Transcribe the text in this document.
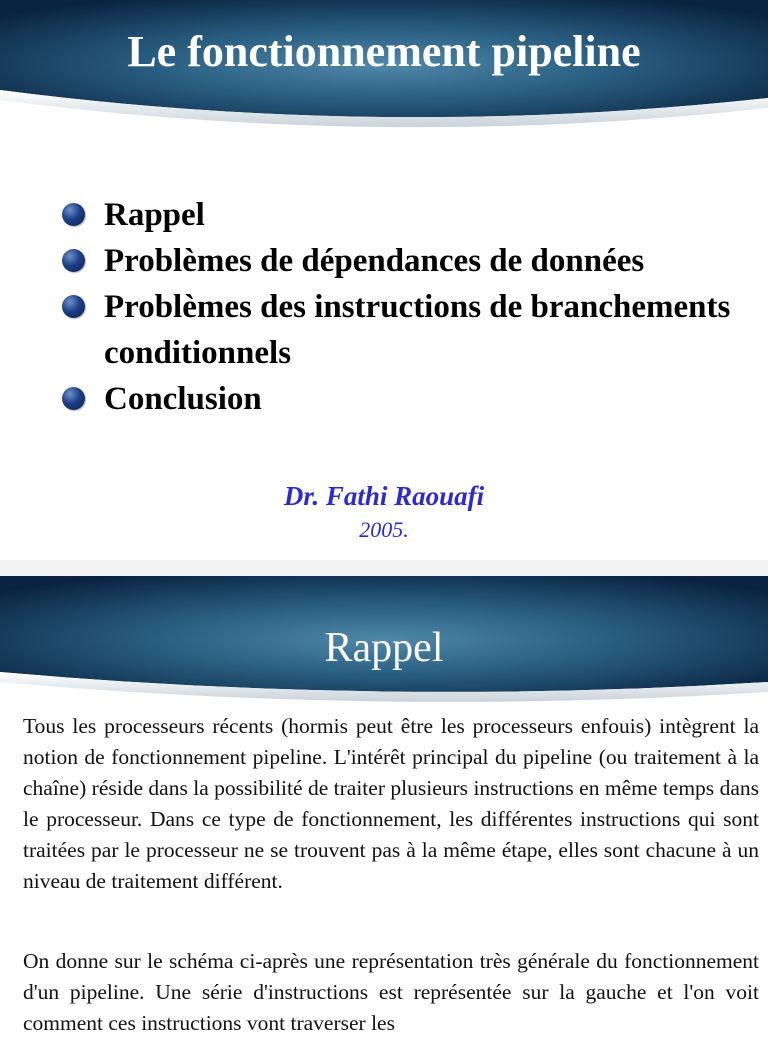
Le fonctionnement pipeline
Rappel
Problèmes de dépendances de données
Problèmes des instructions de branchements conditionnels
Conclusion
Dr. Fathi Raouafi
2005.
Rappel

Tous les processeurs récents (hormis peut être les processeurs enfouis) intègrent la notion de fonctionnement pipeline. L'intérêt principal du pipeline (ou traitement à la chaîne) réside dans la possibilité de traiter plusieurs instructions en même temps dans le processeur. Dans ce type de fonctionnement, les différentes instructions qui sont traitées par le processeur ne se trouvent pas à la même étape, elles sont chacune à un niveau de traitement différent.

On donne sur le schéma ci-après une représentation très générale du fonctionnement d'un pipeline. Une série d'instructions est représentée sur la gauche et l'on voit comment ces instructions vont traverser les
